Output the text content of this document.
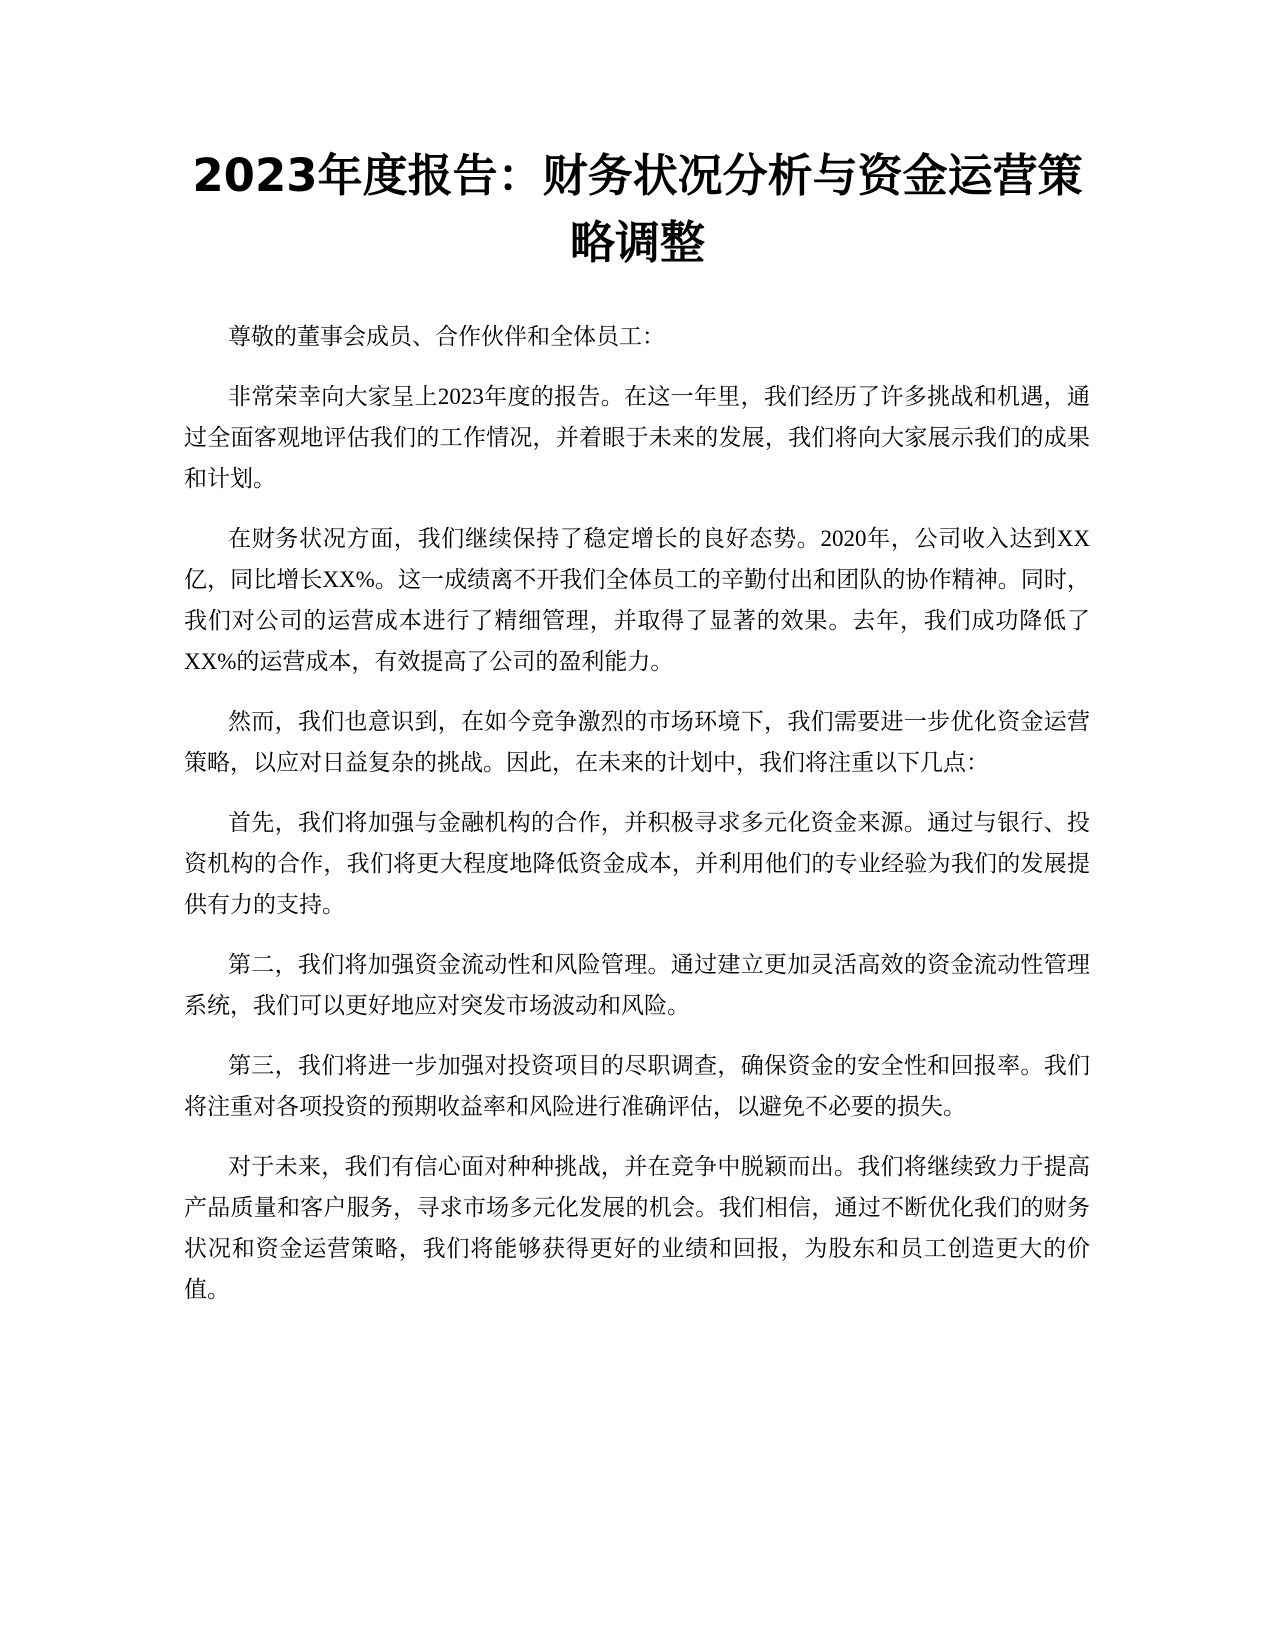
2023年度报告：财务状况分析与资金运营策略调整

尊敬的董事会成员、合作伙伴和全体员工：

非常荣幸向大家呈上2023年度的报告。在这一年里，我们经历了许多挑战和机遇，通过全面客观地评估我们的工作情况，并着眼于未来的发展，我们将向大家展示我们的成果和计划。

在财务状况方面，我们继续保持了稳定增长的良好态势。2020年，公司收入达到XX亿，同比增长XX%。这一成绩离不开我们全体员工的辛勤付出和团队的协作精神。同时，我们对公司的运营成本进行了精细管理，并取得了显著的效果。去年，我们成功降低了XX%的运营成本，有效提高了公司的盈利能力。

然而，我们也意识到，在如今竞争激烈的市场环境下，我们需要进一步优化资金运营策略，以应对日益复杂的挑战。因此，在未来的计划中，我们将注重以下几点：

首先，我们将加强与金融机构的合作，并积极寻求多元化资金来源。通过与银行、投资机构的合作，我们将更大程度地降低资金成本，并利用他们的专业经验为我们的发展提供有力的支持。

第二，我们将加强资金流动性和风险管理。通过建立更加灵活高效的资金流动性管理系统，我们可以更好地应对突发市场波动和风险。

第三，我们将进一步加强对投资项目的尽职调查，确保资金的安全性和回报率。我们将注重对各项投资的预期收益率和风险进行准确评估，以避免不必要的损失。

对于未来，我们有信心面对种种挑战，并在竞争中脱颖而出。我们将继续致力于提高产品质量和客户服务，寻求市场多元化发展的机会。我们相信，通过不断优化我们的财务状况和资金运营策略，我们将能够获得更好的业绩和回报，为股东和员工创造更大的价值。
